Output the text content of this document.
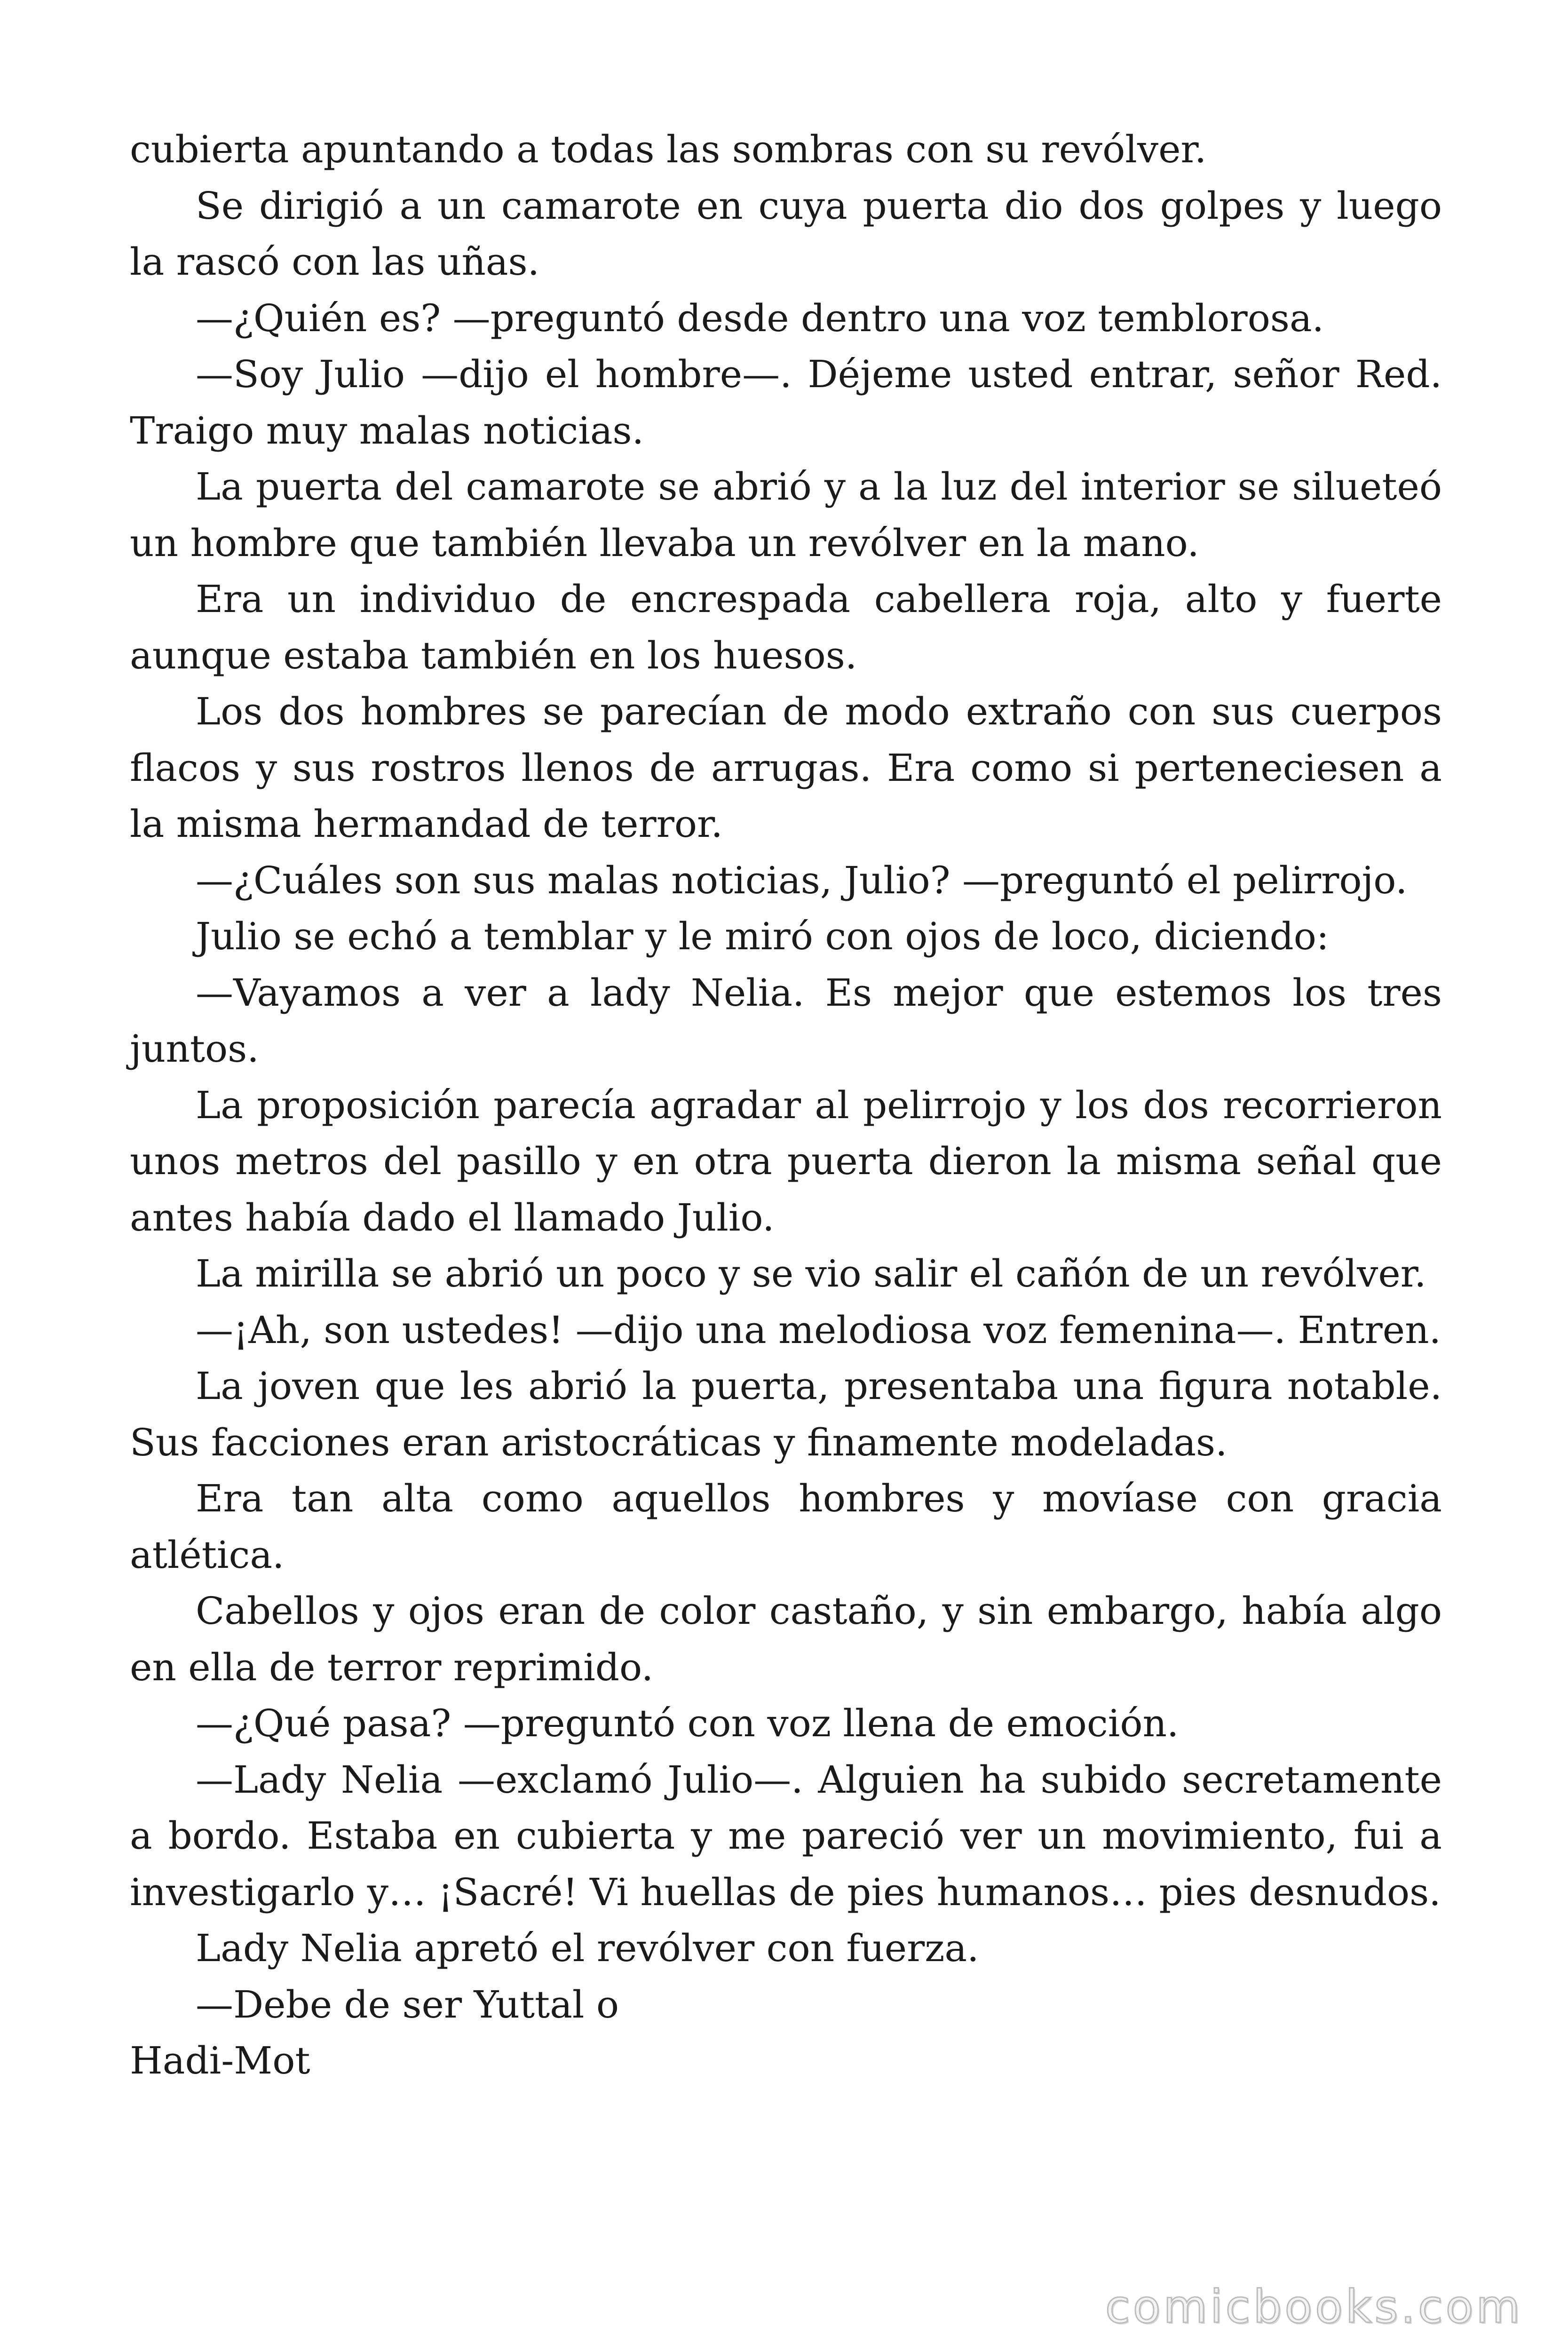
cubierta apuntando a todas las sombras con su revólver.

Se dirigió a un camarote en cuya puerta dio dos golpes y luego la rascó con las uñas.

—¿Quién es? —preguntó desde dentro una voz temblorosa.

—Soy Julio —dijo el hombre—. Déjeme usted entrar, señor Red. Traigo muy malas noticias.

La puerta del camarote se abrió y a la luz del interior se silueteó un hombre que también llevaba un revólver en la mano.

Era un individuo de encrespada cabellera roja, alto y fuerte aunque estaba también en los huesos.

Los dos hombres se parecían de modo extraño con sus cuerpos flacos y sus rostros llenos de arrugas. Era como si perteneciesen a la misma hermandad de terror.

—¿Cuáles son sus malas noticias, Julio? —preguntó el pelirrojo.

Julio se echó a temblar y le miró con ojos de loco, diciendo:

—Vayamos a ver a lady Nelia. Es mejor que estemos los tres juntos.

La proposición parecía agradar al pelirrojo y los dos recorrieron unos metros del pasillo y en otra puerta dieron la misma señal que antes había dado el llamado Julio.

La mirilla se abrió un poco y se vio salir el cañón de un revólver.

—¡Ah, son ustedes! —dijo una melodiosa voz femenina—. Entren.

La joven que les abrió la puerta, presentaba una figura notable. Sus facciones eran aristocráticas y finamente modeladas.

Era tan alta como aquellos hombres y movíase con gracia atlética.

Cabellos y ojos eran de color castaño, y sin embargo, había algo en ella de terror reprimido.

—¿Qué pasa? —preguntó con voz llena de emoción.

—Lady Nelia —exclamó Julio—. Alguien ha subido secretamente a bordo. Estaba en cubierta y me pareció ver un movimiento, fui a investigarlo y… ¡Sacré! Vi huellas de pies humanos… pies desnudos.

Lady Nelia apretó el revólver con fuerza.

—Debe de ser Yuttal o

Hadi-Mot

comicbooks.com
